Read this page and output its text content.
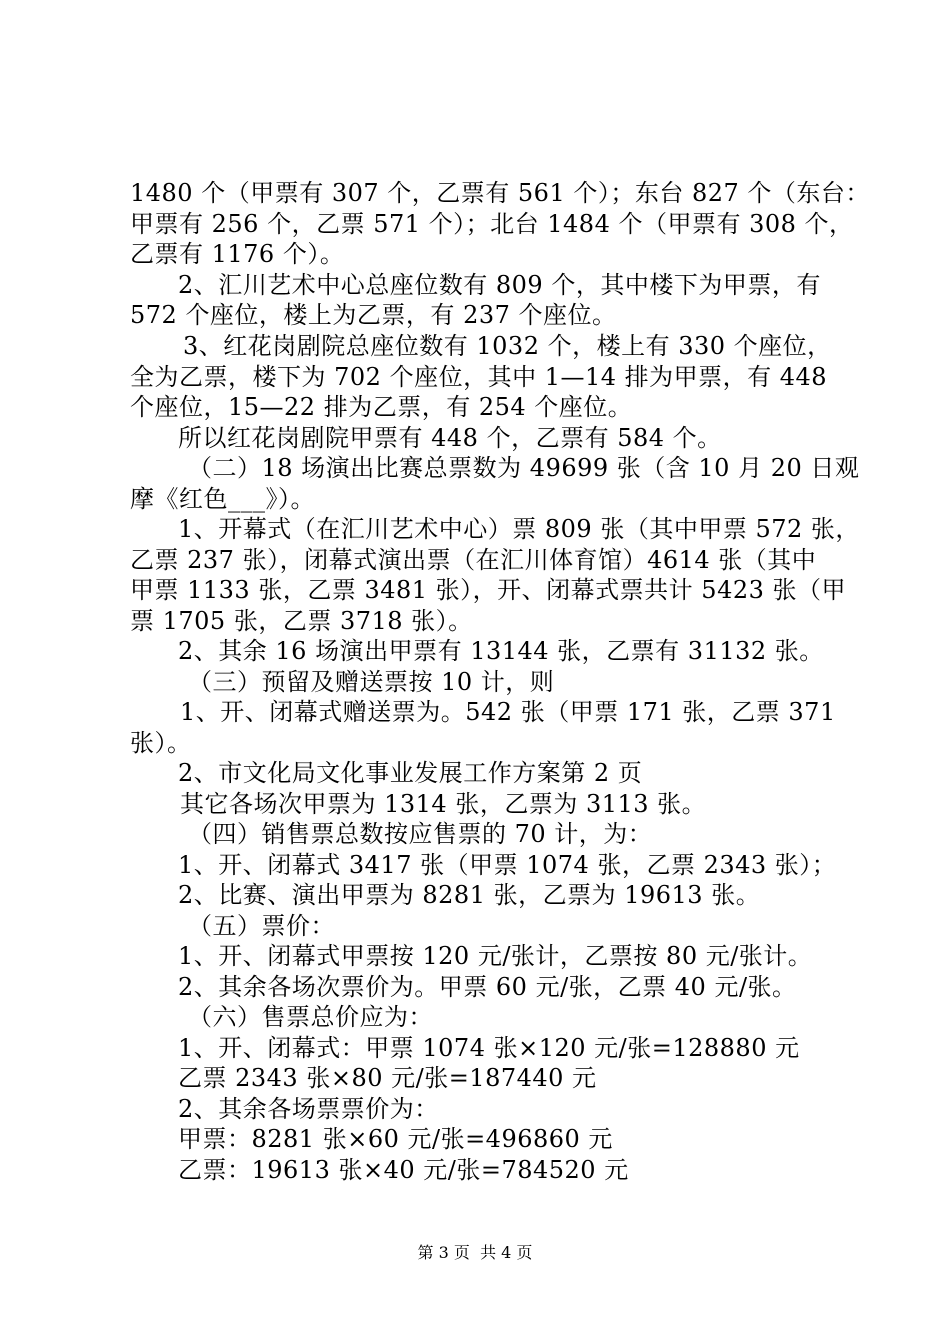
1480 个（甲票有 307 个，乙票有 561 个）；东台 827 个（东台：
甲票有 256 个，乙票 571 个）；北台 1484 个（甲票有 308 个，
乙票有 1176 个）。
2、汇川艺术中心总座位数有 809 个，其中楼下为甲票，有
572 个座位，楼上为乙票，有 237 个座位。
3、红花岗剧院总座位数有 1032 个，楼上有 330 个座位，
全为乙票，楼下为 702 个座位，其中 1—14 排为甲票，有 448
个座位，15—22 排为乙票，有 254 个座位。
所以红花岗剧院甲票有 448 个，乙票有 584 个。
（二）18 场演出比赛总票数为 49699 张（含 10 月 20 日观
摩《红色___》）。
1、开幕式（在汇川艺术中心）票 809 张（其中甲票 572 张，
乙票 237 张），闭幕式演出票（在汇川体育馆）4614 张（其中
甲票 1133 张，乙票 3481 张），开、闭幕式票共计 5423 张（甲
票 1705 张，乙票 3718 张）。
2、其余 16 场演出甲票有 13144 张，乙票有 31132 张。
（三）预留及赠送票按 10 计，则
1、开、闭幕式赠送票为。542 张（甲票 171 张，乙票 371
张）。
2、市文化局文化事业发展工作方案第 2 页
其它各场次甲票为 1314 张，乙票为 3113 张。
（四）销售票总数按应售票的 70 计，为：
1、开、闭幕式 3417 张（甲票 1074 张，乙票 2343 张）；
2、比赛、演出甲票为 8281 张，乙票为 19613 张。
（五）票价：
1、开、闭幕式甲票按 120 元/张计，乙票按 80 元/张计。
2、其余各场次票价为。甲票 60 元/张，乙票 40 元/张。
（六）售票总价应为：
1、开、闭幕式：甲票 1074 张×120 元/张=128880 元
乙票 2343 张×80 元/张=187440 元
2、其余各场票票价为：
甲票：8281 张×60 元/张=496860 元
乙票：19613 张×40 元/张=784520 元
第 3 页  共 4 页
